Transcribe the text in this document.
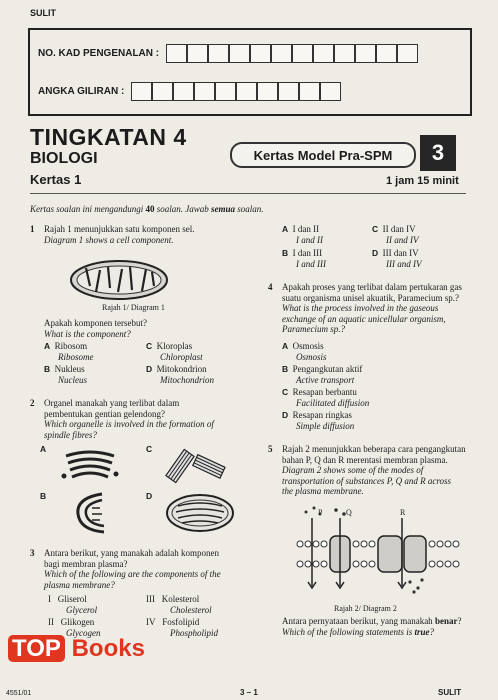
SULIT
NO. KAD PENGENALAN :
ANGKA GILIRAN :
TINGKATAN 4
BIOLOGI
Kertas 1
Kertas Model Pra-SPM	3
1 jam 15 minit
Kertas soalan ini mengandungi 40 soalan. Jawab semua soalan.
1 Rajah 1 menunjukkan satu komponen sel.
Diagram 1 shows a cell component.
Rajah 1/ Diagram 1
Apakah komponen tersebut?
What is the component?
A Ribosom
Ribosome
C Kloroplas
Chloroplast
B Nukleus
Nucleus
D Mitokondrion
Mitochondrion
2 Organel manakah yang terlibat dalam
pembentukan gentian gelendong?
Which organelle is involved in the formation of
spindle fibres?
A	C
B	D
3 Antara berikut, yang manakah adalah komponen
bagi membran plasma?
Which of the following are the components of the
plasma membrane?
I Gliserol
Glycerol
III Kolesterol
Cholesterol
II Glikogen
Glycogen
IV Fosfolipid
Phospholipid
A I dan II
I and II
C II dan IV
II and IV
B I dan III
I and III
D III dan IV
III and IV
4 Apakah proses yang terlibat dalam pertukaran gas
suatu organisma unisel akuatik, Paramecium sp.?
What is the process involved in the gaseous
exchange of an aquatic unicellular organism,
Paramecium sp.?
A Osmosis
Osmosis
B Pengangkutan aktif
Active transport
C Resapan berbantu
Facilitated diffusion
D Resapan ringkas
Simple diffusion
5 Rajah 2 menunjukkan beberapa cara pengangkutan
bahan P, Q dan R merentasi membran plasma.
Diagram 2 shows some of the modes of
transportation of substances P, Q and R across
the plasma membrane.
P	Q	R
Rajah 2/ Diagram 2
Antara pernyataan berikut, yang manakah benar?
Which of the following statements is true?
TOP Books
4551/01	3 – 1	SULIT
